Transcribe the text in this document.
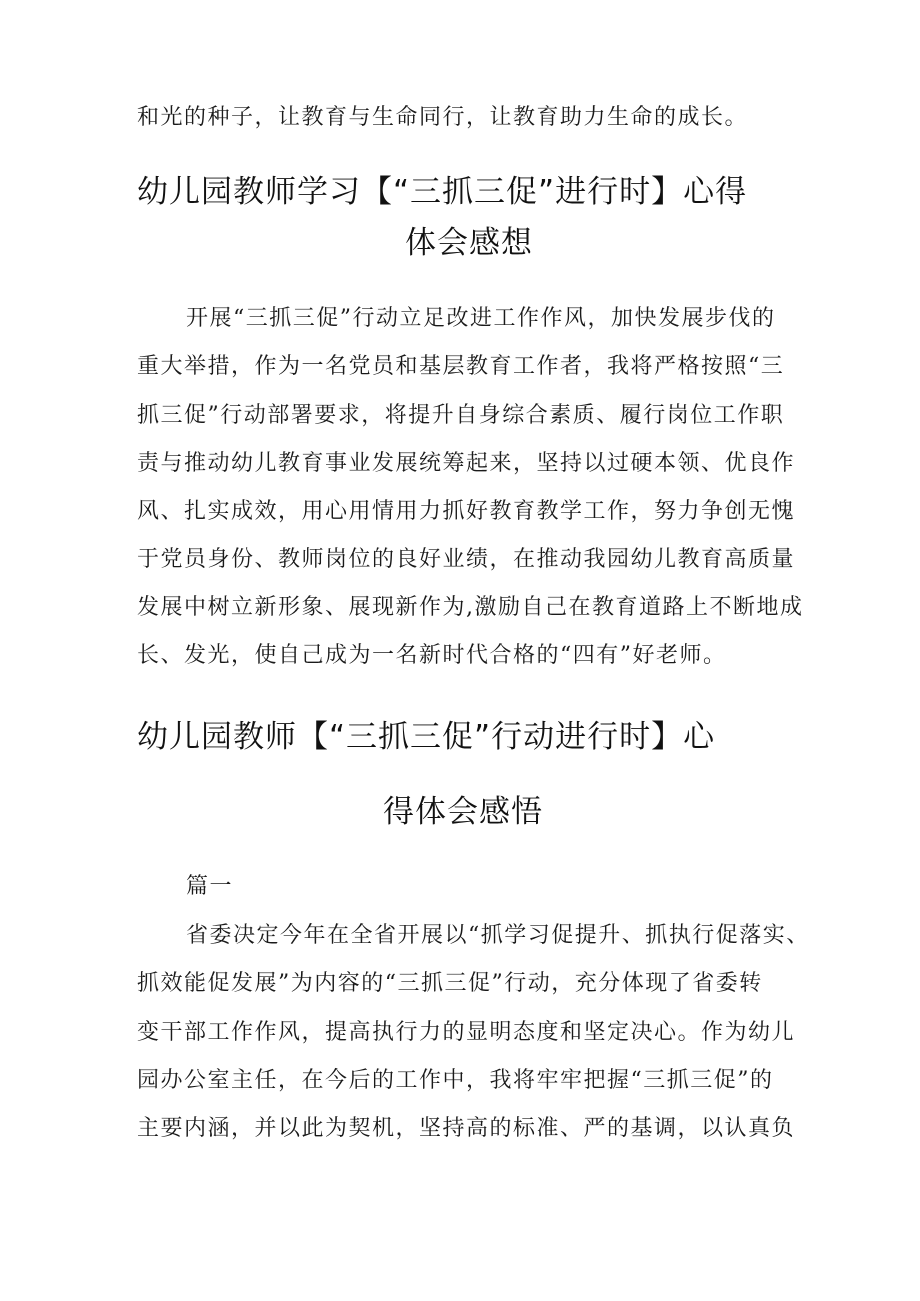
和光的种子，让教育与生命同行，让教育助力生命的成长。
幼儿园教师学习【“三抓三促”进行时】心得
体会感想
开展“三抓三促”行动立足改进工作作风，加快发展步伐的
重大举措，作为一名党员和基层教育工作者，我将严格按照“三
抓三促”行动部署要求，将提升自身综合素质、履行岗位工作职
责与推动幼儿教育事业发展统筹起来，坚持以过硬本领、优良作
风、扎实成效，用心用情用力抓好教育教学工作，努力争创无愧
于党员身份、教师岗位的良好业绩，在推动我园幼儿教育高质量
发展中树立新形象、展现新作为,激励自己在教育道路上不断地成
长、发光，使自己成为一名新时代合格的“四有”好老师。
幼儿园教师【“三抓三促”行动进行时】心
得体会感悟
篇一
省委决定今年在全省开展以“抓学习促提升、抓执行促落实、
抓效能促发展”为内容的“三抓三促”行动，充分体现了省委转
变干部工作作风，提高执行力的显明态度和坚定决心。作为幼儿
园办公室主任，在今后的工作中，我将牢牢把握“三抓三促”的
主要内涵，并以此为契机，坚持高的标准、严的基调，以认真负
